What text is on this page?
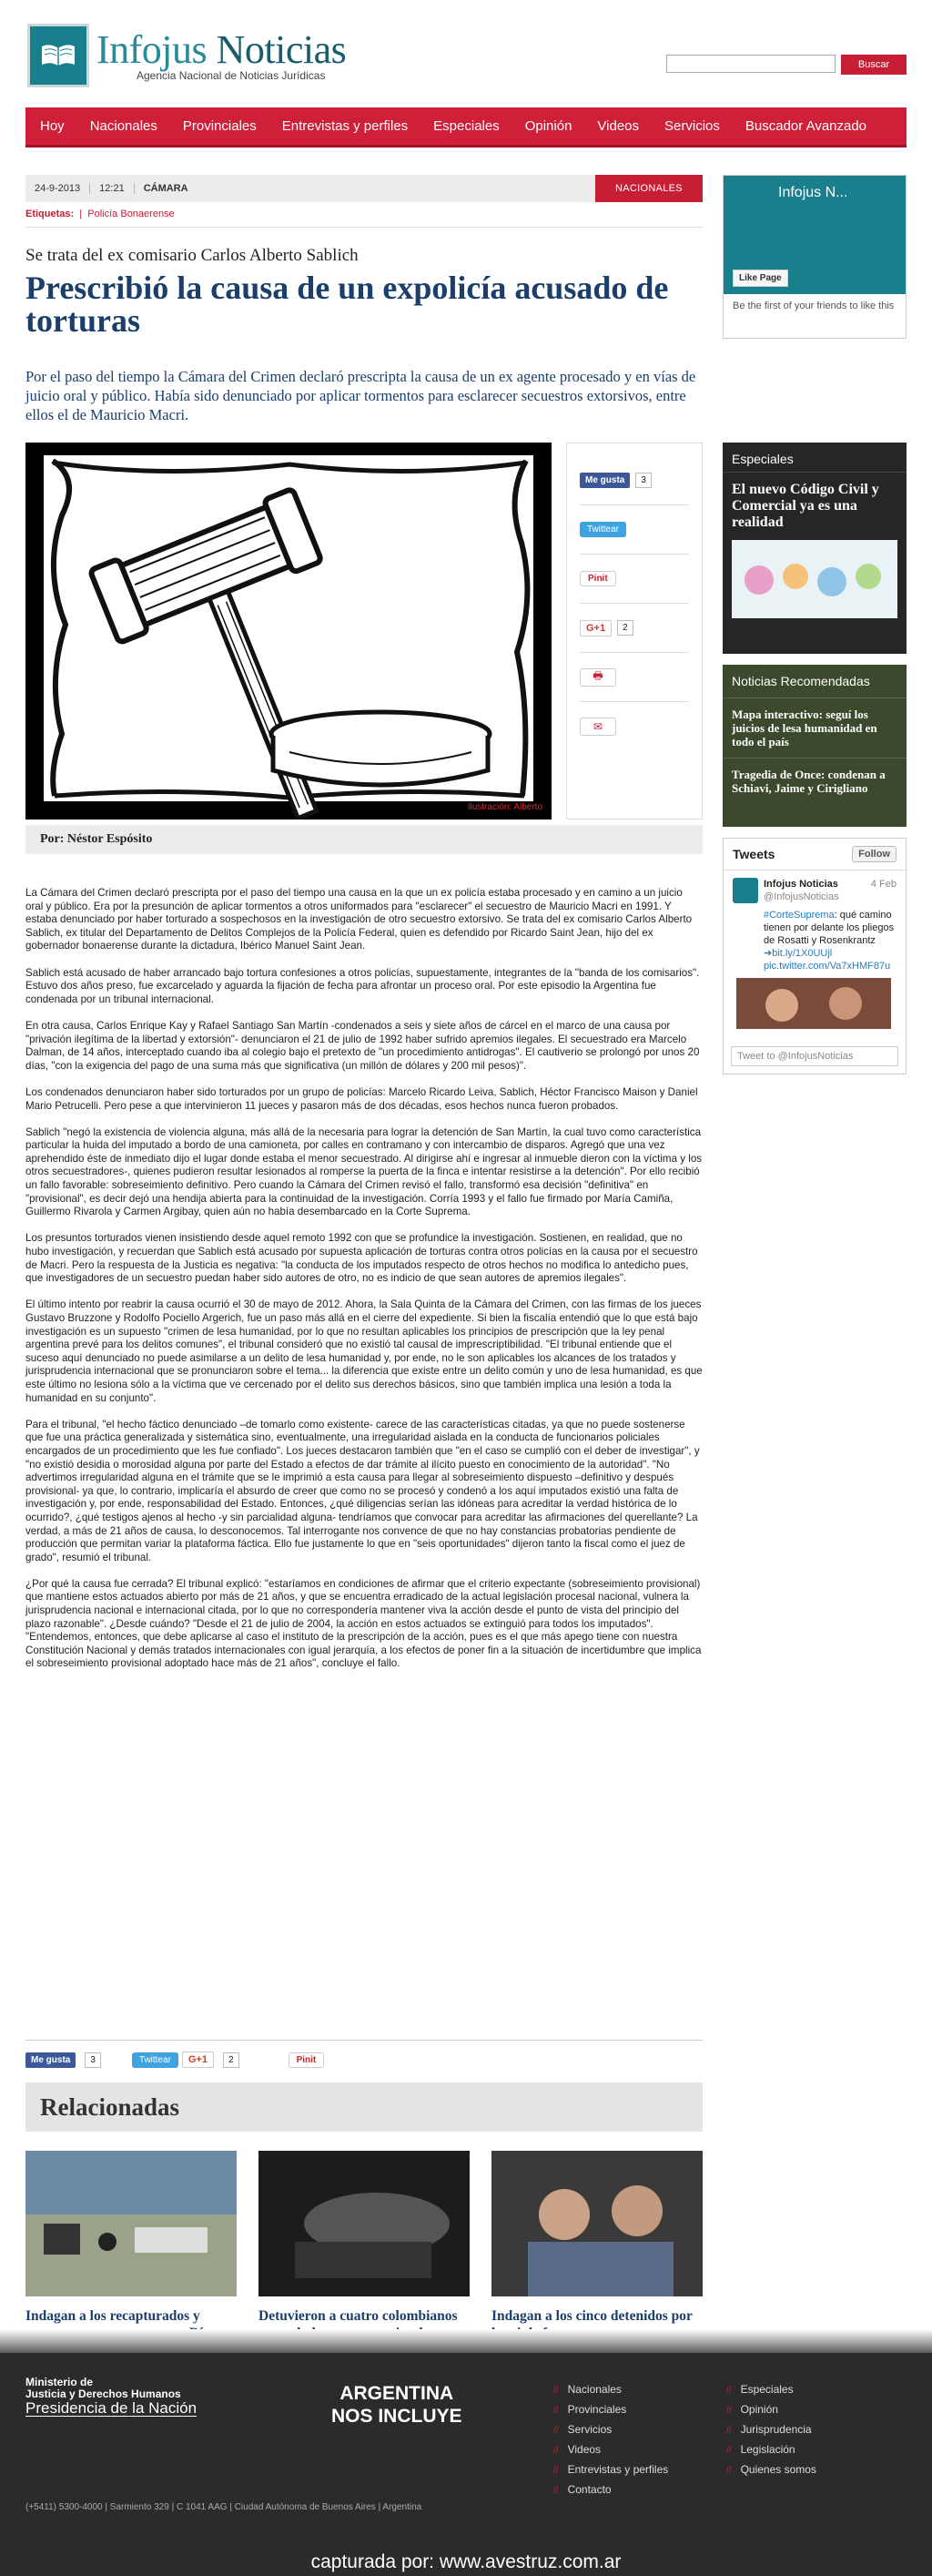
Infojus Noticias
Agencia Nacional de Noticias Jurídicas
Buscar
Hoy	Nacionales	Provinciales	Entrevistas y perfiles	Especiales	Opinión	Videos	Servicios	Buscador Avanzado
24-9-2013	12:21	CÁMARA	NACIONALES
Etiquetas:  |  Policía Bonaerense
Se trata del ex comisario Carlos Alberto Sablich
Prescribió la causa de un expolicía acusado de torturas
Por el paso del tiempo la Cámara del Crimen declaró prescripta la causa de un ex agente procesado y en vías de juicio oral y público. Había sido denunciado por aplicar tormentos para esclarecer secuestros extorsivos, entre ellos el de Mauricio Macri.
Ilustración: Alberto
Me gusta	3
Twittear
Pinit
G+1	2
🖶
✉
Por: Néstor Espósito

La Cámara del Crimen declaró prescripta por el paso del tiempo una causa en la que un ex policía estaba procesado y en camino a un juicio oral y público. Era por la presunción de aplicar tormentos a otros uniformados para "esclarecer" el secuestro de Mauricio Macri en 1991. Y estaba denunciado por haber torturado a sospechosos en la investigación de otro secuestro extorsivo. Se trata del ex comisario Carlos Alberto Sablich, ex titular del Departamento de Delitos Complejos de la Policía Federal, quien es defendido por Ricardo Saint Jean, hijo del ex gobernador bonaerense durante la dictadura, Ibérico Manuel Saint Jean.

Sablich está acusado de haber arrancado bajo tortura confesiones a otros policías, supuestamente, integrantes de la "banda de los comisarios". Estuvo dos años preso, fue excarcelado y aguarda la fijación de fecha para afrontar un proceso oral. Por este episodio la Argentina fue condenada por un tribunal internacional.

En otra causa, Carlos Enrique Kay y Rafael Santiago San Martín -condenados a seis y siete años de cárcel en el marco de una causa por "privación ilegítima de la libertad y extorsión"- denunciaron el 21 de julio de 1992 haber sufrido apremios ilegales. El secuestrado era Marcelo Dalman, de 14 años, interceptado cuando iba al colegio bajo el pretexto de "un procedimiento antidrogas". El cautiverio se prolongó por unos 20 días, "con la exigencia del pago de una suma más que significativa (un millón de dólares y 200 mil pesos)".

Los condenados denunciaron haber sido torturados por un grupo de policías: Marcelo Ricardo Leiva, Sablich, Héctor Francisco Maison y Daniel Mario Petrucelli. Pero pese a que intervinieron 11 jueces y pasaron más de dos décadas, esos hechos nunca fueron probados.

Sablich "negó la existencia de violencia alguna, más allá de la necesaria para lograr la detención de San Martín, la cual tuvo como característica particular la huida del imputado a bordo de una camioneta, por calles en contramano y con intercambio de disparos. Agregó que una vez aprehendido éste de inmediato dijo el lugar donde estaba el menor secuestrado. Al dirigirse ahí e ingresar al inmueble dieron con la víctima y los otros secuestradores-, quienes pudieron resultar lesionados al romperse la puerta de la finca e intentar resistirse a la detención". Por ello recibió un fallo favorable: sobreseimiento definitivo. Pero cuando la Cámara del Crimen revisó el fallo, transformó esa decisión "definitiva" en "provisional", es decir dejó una hendija abierta para la continuidad de la investigación. Corría 1993 y el fallo fue firmado por María Camiña, Guillermo Rivarola y Carmen Argibay, quien aún no había desembarcado en la Corte Suprema.

Los presuntos torturados vienen insistiendo desde aquel remoto 1992 con que se profundice la investigación. Sostienen, en realidad, que no hubo investigación, y recuerdan que Sablich está acusado por supuesta aplicación de torturas contra otros policías en la causa por el secuestro de Macri. Pero la respuesta de la Justicia es negativa: "la conducta de los imputados respecto de otros hechos no modifica lo antedicho pues, que investigadores de un secuestro puedan haber sido autores de otro, no es indicio de que sean autores de apremios ilegales".

El último intento por reabrir la causa ocurrió el 30 de mayo de 2012. Ahora, la Sala Quinta de la Cámara del Crimen, con las firmas de los jueces Gustavo Bruzzone y Rodolfo Pociello Argerich, fue un paso más allá en el cierre del expediente. Si bien la fiscalía entendió que lo que está bajo investigación es un supuesto "crimen de lesa humanidad, por lo que no resultan aplicables los principios de prescripción que la ley penal argentina prevé para los delitos comunes", el tribunal consideró que no existió tal causal de imprescriptibilidad. "El tribunal entiende que el suceso aquí denunciado no puede asimilarse a un delito de lesa humanidad y, por ende, no le son aplicables los alcances de los tratados y jurisprudencia internacional que se pronunciaron sobre el tema... la diferencia que existe entre un delito común y uno de lesa humanidad, es que este último no lesiona sólo a la víctima que ve cercenado por el delito sus derechos básicos, sino que también implica una lesión a toda la humanidad en su conjunto".

Para el tribunal, "el hecho fáctico denunciado –de tomarlo como existente- carece de las características citadas, ya que no puede sostenerse que fue una práctica generalizada y sistemática sino, eventualmente, una irregularidad aislada en la conducta de funcionarios policiales encargados de un procedimiento que les fue confiado". Los jueces destacaron también que "en el caso se cumplió con el deber de investigar", y "no existió desidia o morosidad alguna por parte del Estado a efectos de dar trámite al ilícito puesto en conocimiento de la autoridad". "No advertimos irregularidad alguna en el trámite que se le imprimió a esta causa para llegar al sobreseimiento dispuesto –definitivo y después provisional- ya que, lo contrario, implicaría el absurdo de creer que como no se procesó y condenó a los aquí imputados existió una falta de investigación y, por ende, responsabilidad del Estado. Entonces, ¿qué diligencias serían las idóneas para acreditar la verdad histórica de lo ocurrido?, ¿qué testigos ajenos al hecho -y sin parcialidad alguna- tendríamos que convocar para acreditar las afirmaciones del querellante? La verdad, a más de 21 años de causa, lo desconocemos. Tal interrogante nos convence de que no hay constancias probatorias pendiente de producción que permitan variar la plataforma fáctica. Ello fue justamente lo que en "seis oportunidades" dijeron tanto la fiscal como el juez de grado", resumió el tribunal.

¿Por qué la causa fue cerrada? El tribunal explicó: "estaríamos en condiciones de afirmar que el criterio expectante (sobreseimiento provisional) que mantiene estos actuados abierto por más de 21 años, y que se encuentra erradicado de la actual legislación procesal nacional, vulnera la jurisprudencia nacional e internacional citada, por lo que no correspondería mantener viva la acción desde el punto de vista del principio del plazo razonable". ¿Desde cuándo? "Desde el 21 de julio de 2004, la acción en estos actuados se extinguió para todos los imputados". "Entendemos, entonces, que debe aplicarse al caso el instituto de la prescripción de la acción, pues es el que más apego tiene con nuestra Constitución Nacional y demás tratados internacionales con igual jerarquía, a los efectos de poner fin a la situación de incertidumbre que implica el sobreseimiento provisional adoptado hace más de 21 años", concluye el fallo.

Me gusta	3	Twittear	G+1	2	Pinit
Relacionadas
Indagan a los recapturados y	Detuvieron a cuatro colombianos	Indagan a los cinco detenidos por
Infojus N...
Like Page
Be the first of your friends to like this
Especiales
El nuevo Código Civil y Comercial ya es una realidad
Noticias Recomendadas
Mapa interactivo: seguí los juicios de lesa humanidad en todo el país
Tragedia de Once: condenan a Schiavi, Jaime y Cirigliano
Tweets	Follow
Infojus Noticias
@InfojusNoticias
4 Feb
#CorteSuprema: qué camino tienen por delante los pliegos de Rosatti y Rosenkrantz ➔bit.ly/1X0UUjl pic.twitter.com/Va7xHMF87u
Tweet to @InfojusNoticias
Ministerio de
Justicia y Derechos Humanos
Presidencia de la Nación
ARGENTINA
NOS INCLUYE
// Nacionales
// Provinciales
// Servicios
// Videos
// Entrevistas y perfiles
// Contacto
// Especiales
// Opinión
// Jurisprudencia
// Legislación
// Quienes somos
(+5411) 5300-4000 | Sarmiento 329 | C 1041 AAG | Ciudad Autónoma de Buenos Aires | Argentina
capturada por: www.avestruz.com.ar
